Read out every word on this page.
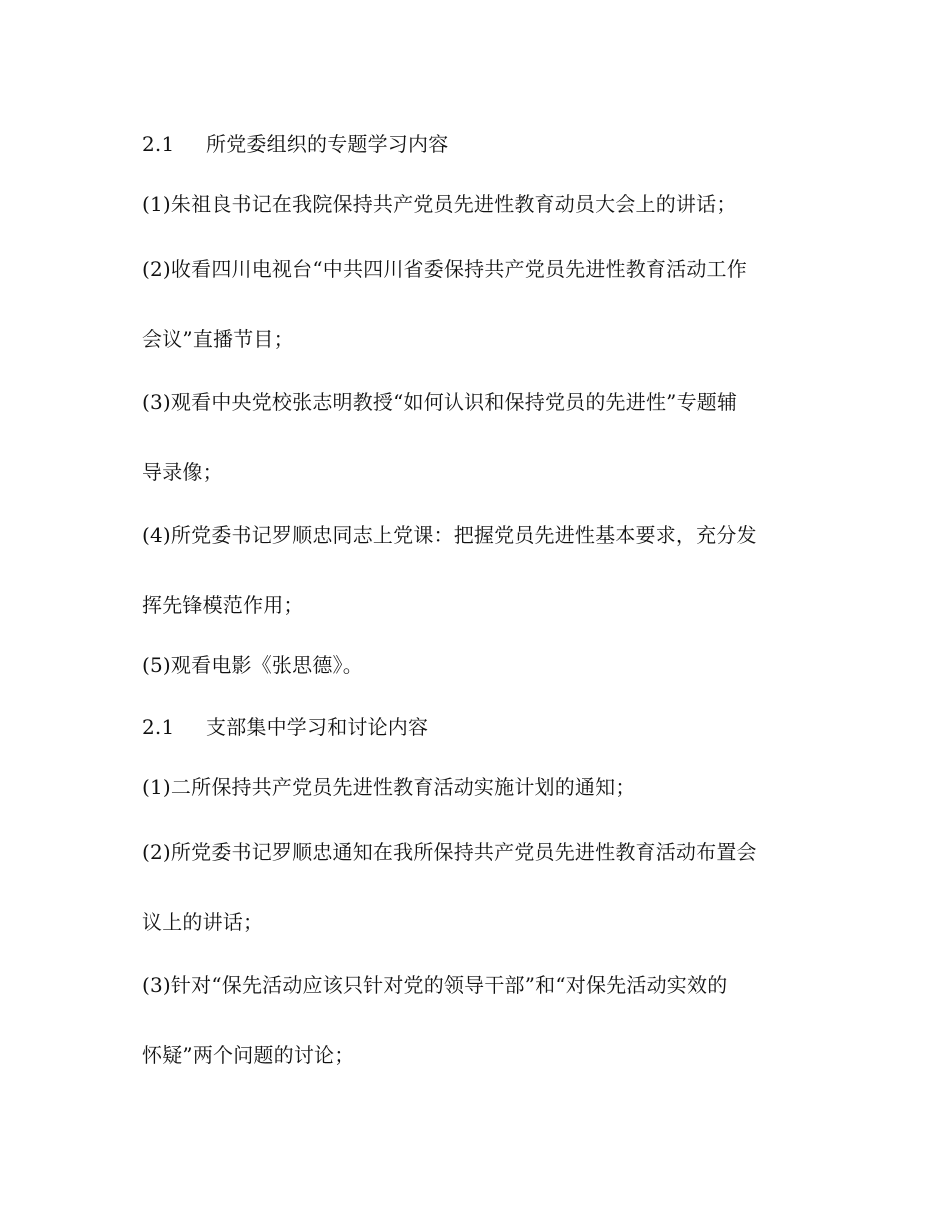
2.1 所党委组织的专题学习内容

(1)朱祖良书记在我院保持共产党员先进性教育动员大会上的讲话；

(2)收看四川电视台“中共四川省委保持共产党员先进性教育活动工作

会议”直播节目；

(3)观看中央党校张志明教授“如何认识和保持党员的先进性”专题辅

导录像；

(4)所党委书记罗顺忠同志上党课：把握党员先进性基本要求，充分发

挥先锋模范作用；

(5)观看电影《张思德》。

2.1 支部集中学习和讨论内容

(1)二所保持共产党员先进性教育活动实施计划的通知；

(2)所党委书记罗顺忠通知在我所保持共产党员先进性教育活动布置会

议上的讲话；

(3)针对“保先活动应该只针对党的领导干部”和“对保先活动实效的

怀疑”两个问题的讨论；
